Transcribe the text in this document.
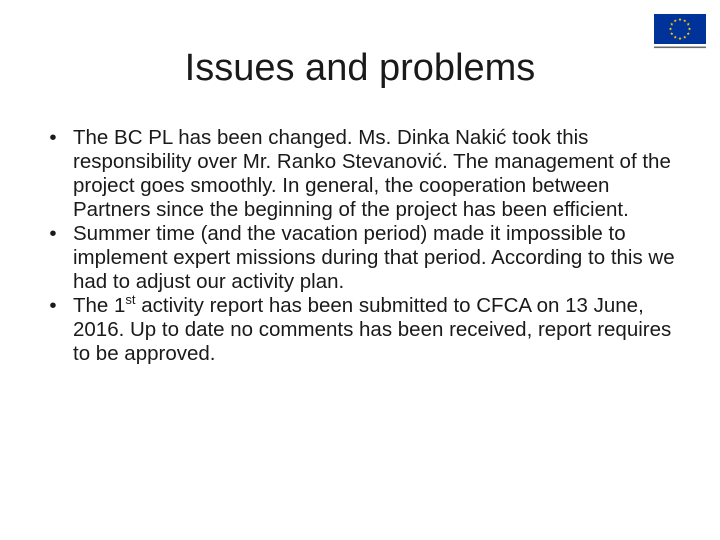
Issues and problems
• The BC PL has been changed. Ms. Dinka Nakić took this responsibility over Mr. Ranko Stevanović. The management of the project goes smoothly. In general, the cooperation between Partners since the beginning of the project has been efficient.
• Summer time (and the vacation period) made it impossible to implement expert missions during that period. According to this we had to adjust our activity plan.
• The 1st activity report has been submitted to CFCA on 13 June, 2016. Up to date no comments has been received, report requires to be approved.
